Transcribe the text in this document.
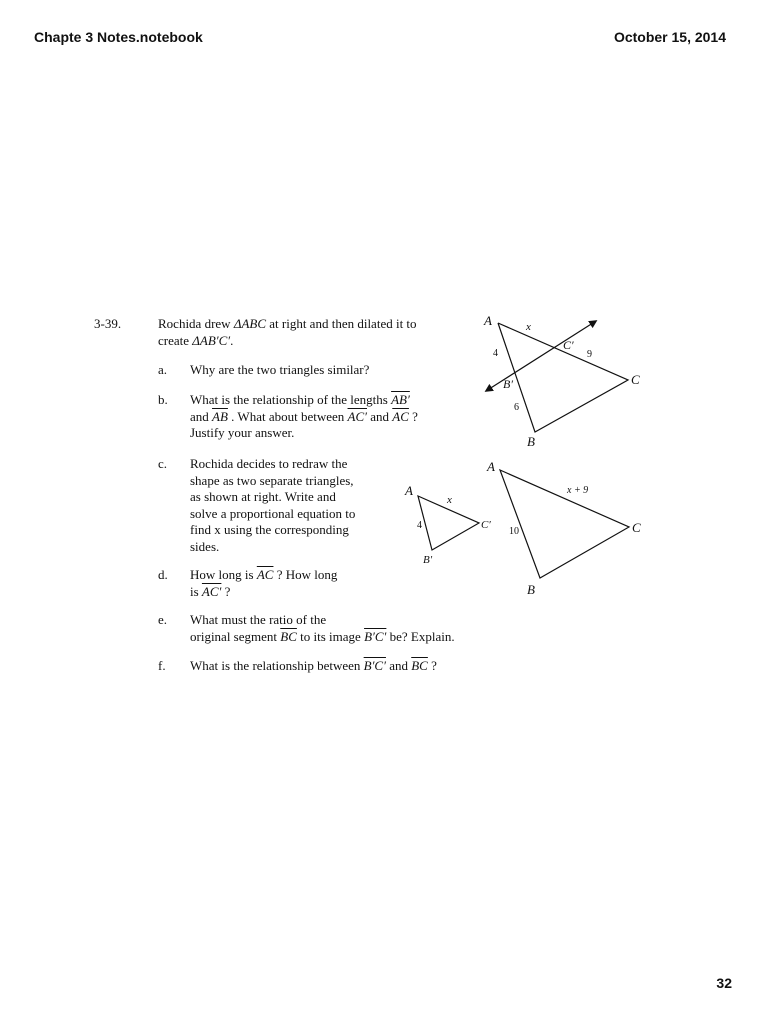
Chapte 3 Notes.notebook	October 15, 2014
3-39.	Rochida drew ΔABC at right and then dilated it to
create ΔAB′C′.
a. Why are the two triangles similar?
b. What is the relationship of the lengths AB′
and $\overline{AB}$ . What about between AC′ and $\overline{AC}$ ?
Justify your answer.
c. Rochida decides to redraw the
shape as two separate triangles,
as shown at right. Write and
solve a proportional equation to
find x using the corresponding
sides.
d. How long is $\overline{AC}$ ? How long
is AC′ ?
e. What must the ratio of the
original segment $\overline{BC}$ to its image B′C′ be? Explain.
f. What is the relationship between B′C′ and $\overline{BC}$ ?
A	x
C′
4	9
B′	C
6
B
A
x
4	C′
B′
A
x + 9
10	C
B
32
